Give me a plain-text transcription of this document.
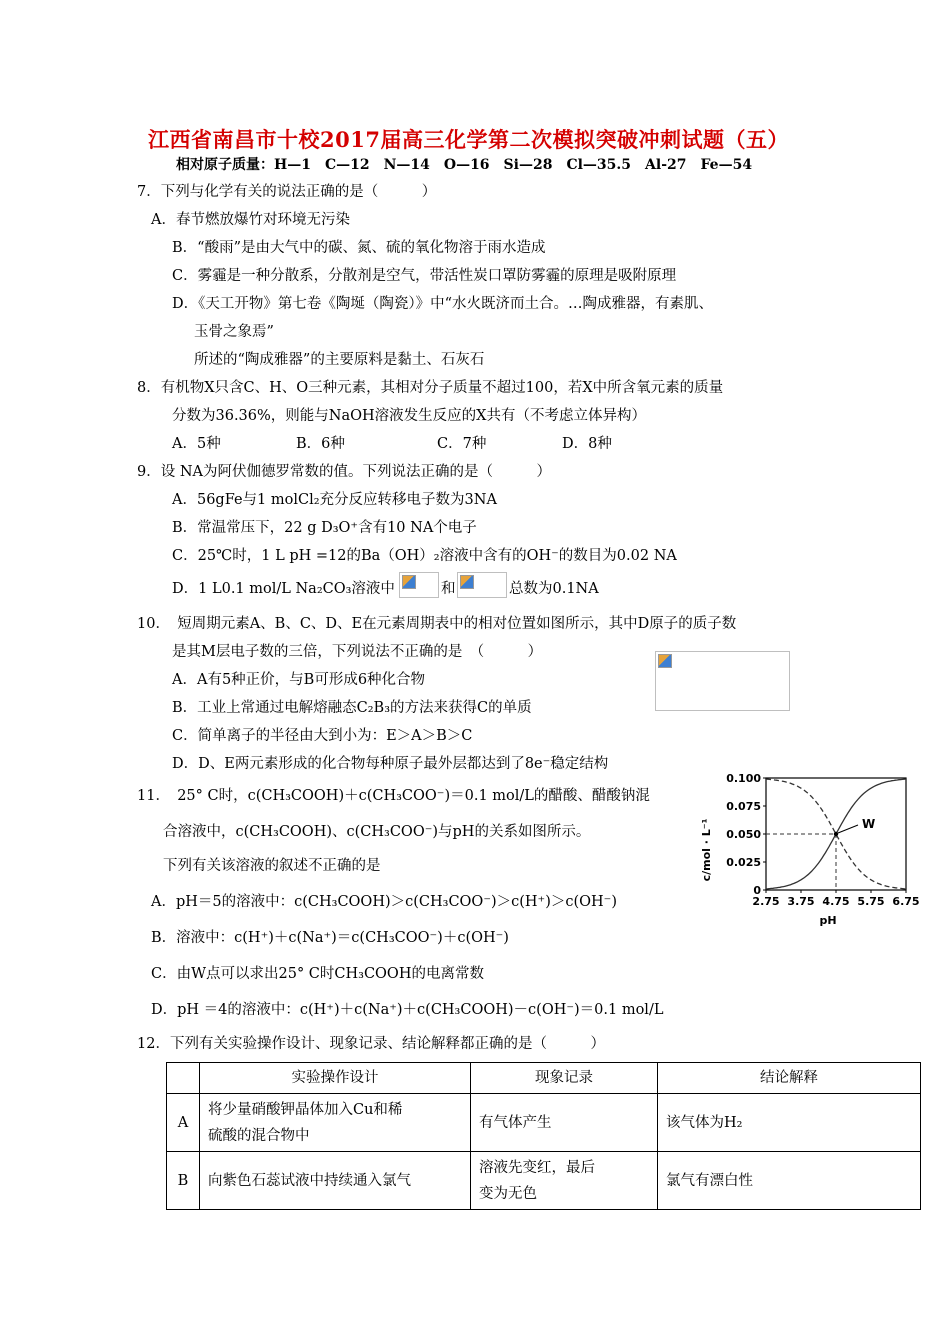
江西省南昌市十校2017届高三化学第二次模拟突破冲刺试题（五）
相对原子质量：H—1　C—12　N—14　O—16　Si—28　Cl—35.5　Al-27　Fe—54
7．下列与化学有关的说法正确的是（　　　）
A．春节燃放爆竹对环境无污染
B．“酸雨”是由大气中的碳、氮、硫的氧化物溶于雨水造成
C．雾霾是一种分散系，分散剂是空气，带活性炭口罩防雾霾的原理是吸附原理
D．《天工开物》第七卷《陶埏（陶瓷）》中“水火既济而土合。…陶成雅器，有素肌、
玉骨之象焉”
所述的“陶成雅器”的主要原料是黏土、石灰石
8．有机物X只含C、H、O三种元素，其相对分子质量不超过100，若X中所含氧元素的质量
分数为36.36%，则能与NaOH溶液发生反应的X共有（不考虑立体异构）
A．5种	B．6种	C．7种	D．8种
9．设 NA为阿伏伽德罗常数的值。下列说法正确的是（　　　）
A．56gFe与1 molCl₂充分反应转移电子数为3NA
B．常温常压下，22 g D₃O⁺含有10 NA个电子
C．25℃时，1 L pH =12的Ba（OH）₂溶液中含有的OH⁻的数目为0.02 NA
D．1 L0.1 mol/L Na₂CO₃溶液中	和	总数为0.1NA
10．　短周期元素A、B、C、D、E在元素周期表中的相对位置如图所示，其中D原子的质子数
是其M层电子数的三倍，下列说法不正确的是　（　　　）
A．A有5种正价，与B可形成6种化合物
B．工业上常通过电解熔融态C₂B₃的方法来获得C的单质
C．简单离子的半径由大到小为：E＞A＞B＞C
D．D、E两元素形成的化合物每种原子最外层都达到了8e⁻稳定结构
11．　25° C时，c(CH₃COOH)＋c(CH₃COO⁻)＝0.1 mol/L的醋酸、醋酸钠混
合溶液中，c(CH₃COOH)、c(CH₃COO⁻)与pH的关系如图所示。
下列有关该溶液的叙述不正确的是
A．pH＝5的溶液中：c(CH₃COOH)＞c(CH₃COO⁻)＞c(H⁺)＞c(OH⁻)
B．溶液中：c(H⁺)＋c(Na⁺)＝c(CH₃COO⁻)＋c(OH⁻)
C．由W点可以求出25° C时CH₃COOH的电离常数
D．pH ＝4的溶液中：c(H⁺)＋c(Na⁺)＋c(CH₃COOH)－c(OH⁻)＝0.1 mol/L
c/mol · L⁻¹
pH
2.75 3.75 4.75 5.75 6.75
0
0.025
0.050
0.075
0.100
W
12．下列有关实验操作设计、现象记录、结论解释都正确的是（　　　）
	实验操作设计	现象记录	结论解释
A	将少量硝酸钾晶体加入Cu和稀
硫酸的混合物中	有气体产生	该气体为H₂
B	向紫色石蕊试液中持续通入氯气	溶液先变红，最后
变为无色	氯气有漂白性
